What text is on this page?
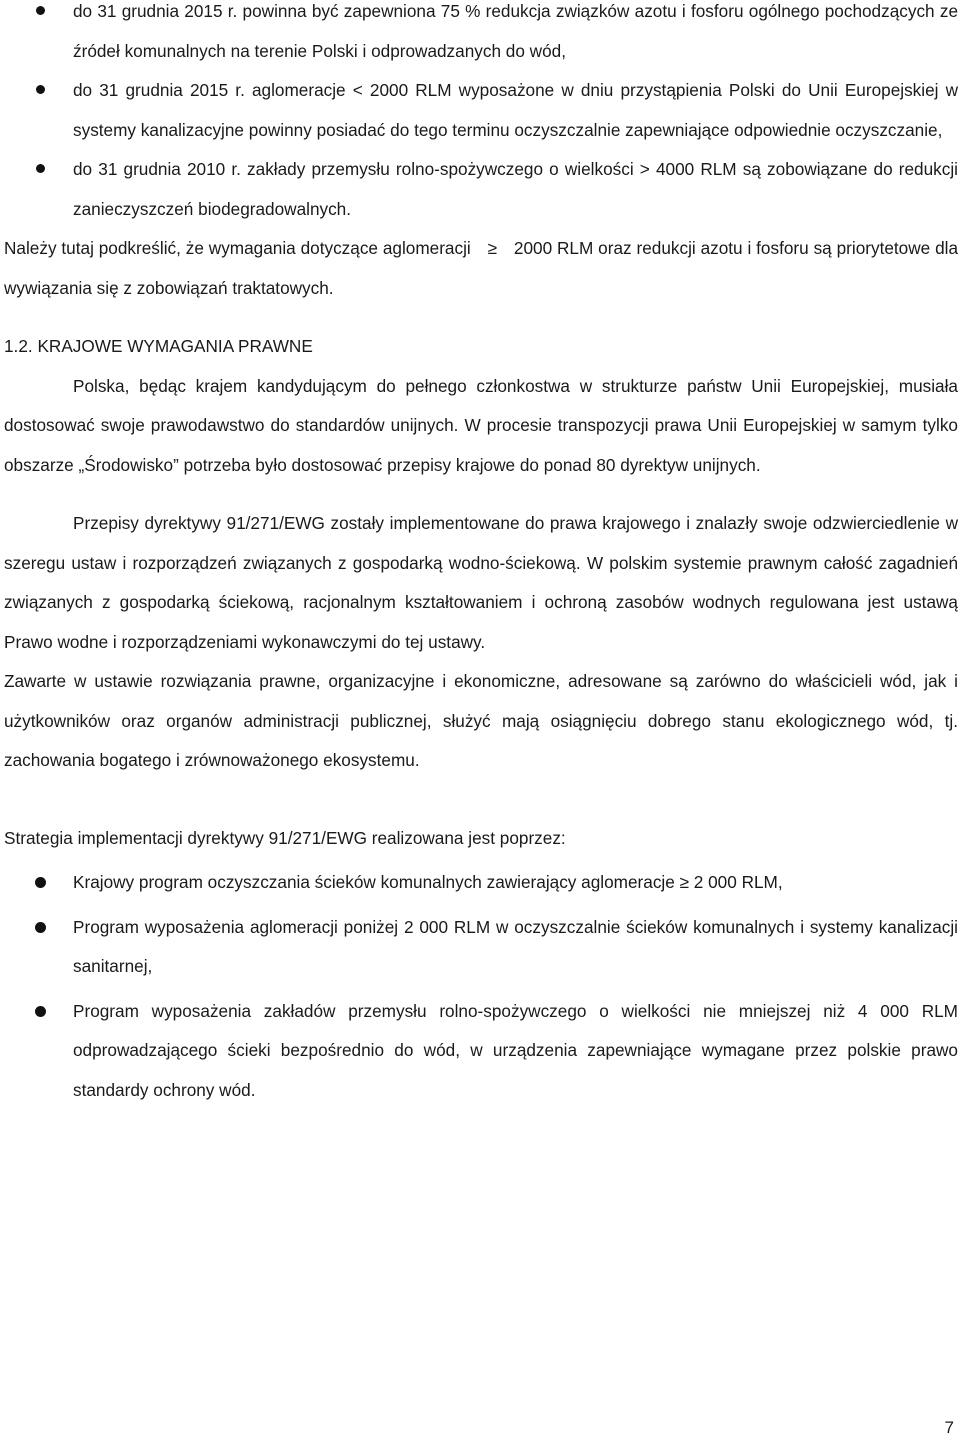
do 31 grudnia 2015 r. powinna być zapewniona 75 % redukcja związków azotu i fosforu ogólnego pochodzących ze źródeł komunalnych na terenie Polski i odprowadzanych do wód,
do 31 grudnia 2015 r. aglomeracje < 2000 RLM wyposażone w dniu przystąpienia Polski do Unii Europejskiej w systemy kanalizacyjne powinny posiadać do tego terminu oczyszczalnie zapewniające odpowiednie oczyszczanie,
do 31 grudnia 2010 r. zakłady przemysłu rolno-spożywczego o wielkości > 4000 RLM są zobowiązane do redukcji zanieczyszczeń biodegradowalnych.

Należy tutaj podkreślić, że wymagania dotyczące aglomeracji ≥ 2000 RLM oraz redukcji azotu i fosforu są priorytetowe dla wywiązania się z zobowiązań traktatowych.

1.2. KRAJOWE WYMAGANIA PRAWNE

Polska, będąc krajem kandydującym do pełnego członkostwa w strukturze państw Unii Europejskiej, musiała dostosować swoje prawodawstwo do standardów unijnych. W procesie transpozycji prawa Unii Europejskiej w samym tylko obszarze „Środowisko” potrzeba było dostosować przepisy krajowe do ponad 80 dyrektyw unijnych.

Przepisy dyrektywy 91/271/EWG zostały implementowane do prawa krajowego i znalazły swoje odzwierciedlenie w szeregu ustaw i rozporządzeń związanych z gospodarką wodno-ściekową. W polskim systemie prawnym całość zagadnień związanych z gospodarką ściekową, racjonalnym kształtowaniem i ochroną zasobów wodnych regulowana jest ustawą Prawo wodne i rozporządzeniami wykonawczymi do tej ustawy.

Zawarte w ustawie rozwiązania prawne, organizacyjne i ekonomiczne, adresowane są zarówno do właścicieli wód, jak i użytkowników oraz organów administracji publicznej, służyć mają osiągnięciu dobrego stanu ekologicznego wód, tj. zachowania bogatego i zrównoważonego ekosystemu.

Strategia implementacji dyrektywy 91/271/EWG realizowana jest poprzez:

Krajowy program oczyszczania ścieków komunalnych zawierający aglomeracje ≥ 2 000 RLM,
Program wyposażenia aglomeracji poniżej 2 000 RLM w oczyszczalnie ścieków komunalnych i systemy kanalizacji sanitarnej,
Program wyposażenia zakładów przemysłu rolno-spożywczego o wielkości nie mniejszej niż 4 000 RLM odprowadzającego ścieki bezpośrednio do wód, w urządzenia zapewniające wymagane przez polskie prawo standardy ochrony wód.
7
